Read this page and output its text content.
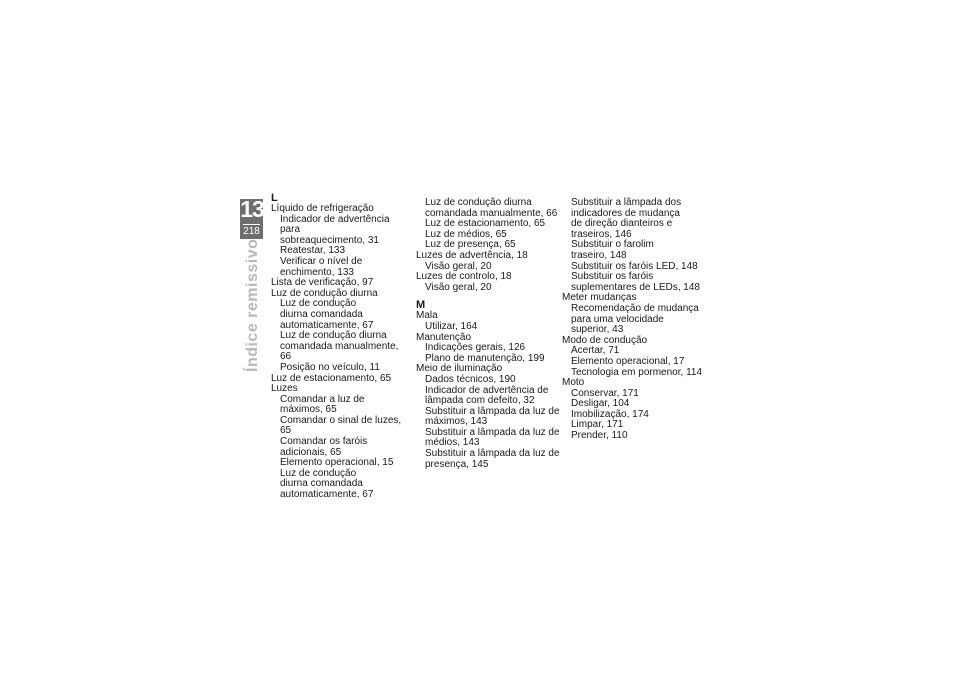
13
218
Índice remissivo
L
Líquido de refrigeração
Indicador de advertência para
sobreaquecimento, 31
Reatestar, 133
Verificar o nível de
enchimento, 133
Lista de verificação, 97
Luz de condução diurna
Luz de condução
diurna comandada
automaticamente, 67
Luz de condução diurna
comandada manualmente, 66
Posição no veículo, 11
Luz de estacionamento, 65
Luzes
Comandar a luz de
máximos, 65
Comandar o sinal de luzes, 65
Comandar os faróis
adicionais, 65
Elemento operacional, 15
Luz de condução
diurna comandada
automaticamente, 67
Luz de condução diurna
comandada manualmente, 66
Luz de estacionamento, 65
Luz de médios, 65
Luz de presença, 65
Luzes de advertência, 18
Visão geral, 20
Luzes de controlo, 18
Visão geral, 20
M
Mala
Utilizar, 164
Manutenção
Indicações gerais, 126
Plano de manutenção, 199
Meio de iluminação
Dados técnicos, 190
Indicador de advertência de
lâmpada com defeito, 32
Substituir a lâmpada da luz de
máximos, 143
Substituir a lâmpada da luz de
médios, 143
Substituir a lâmpada da luz de
presença, 145
Substituir a lâmpada dos
indicadores de mudança
de direção dianteiros e
traseiros, 146
Substituir o farolim
traseiro, 148
Substituir os faróis LED, 148
Substituir os faróis
suplementares de LEDs, 148
Meter mudanças
Recomendação de mudança
para uma velocidade
superior, 43
Modo de condução
Acertar, 71
Elemento operacional, 17
Tecnologia em pormenor, 114
Moto
Conservar, 171
Desligar, 104
Imobilização, 174
Limpar, 171
Prender, 110
